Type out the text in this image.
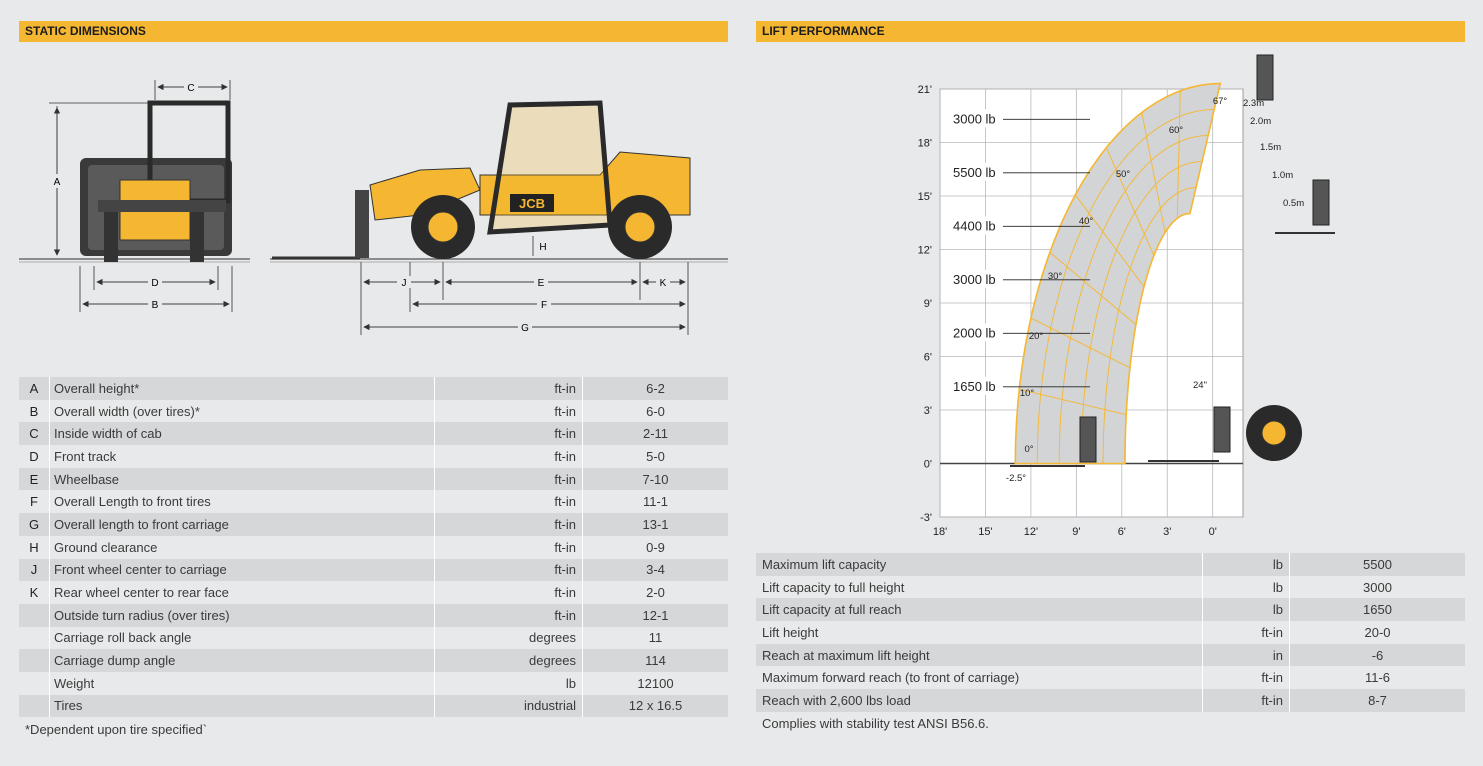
STATIC DIMENSIONS	LIFT PERFORMANCE
A
C
D
B
JCB
H
J	E	K
F
G
A	Overall height*	ft-in	6-2
B	Overall width (over tires)*	ft-in	6-0
C	Inside width of cab	ft-in	2-11
D	Front track	ft-in	5-0
E	Wheelbase	ft-in	7-10
F	Overall Length to front tires	ft-in	11-1
G	Overall length to front carriage	ft-in	13-1
H	Ground clearance	ft-in	0-9
J	Front wheel center to carriage	ft-in	3-4
K	Rear wheel center to rear face	ft-in	2-0
	Outside turn radius (over tires)	ft-in	12-1
	Carriage roll back angle	degrees	11
	Carriage dump angle	degrees	114
	Weight	lb	12100
	Tires	industrial	12 x 16.5
*Dependent upon tire specified`
21'
18'
15'
12'
9'
6'
3'
0'
-3'
18'	15'	12'	9'	6'	3'	0'
3000 lb
5500 lb
4400 lb
3000 lb
2000 lb
1650 lb
67°
60°
50°
40°
30°
20°
10°
0°
-2.5°
2.3m
2.0m
1.5m
1.0m
0.5m
24"
Maximum lift capacity	lb	5500
Lift capacity to full height	lb	3000
Lift capacity at full reach	lb	1650
Lift height	ft-in	20-0
Reach at maximum lift height	in	-6
Maximum forward reach (to front of carriage)	ft-in	11-6
Reach with 2,600 lbs load	ft-in	8-7
Complies with stability test ANSI B56.6.
